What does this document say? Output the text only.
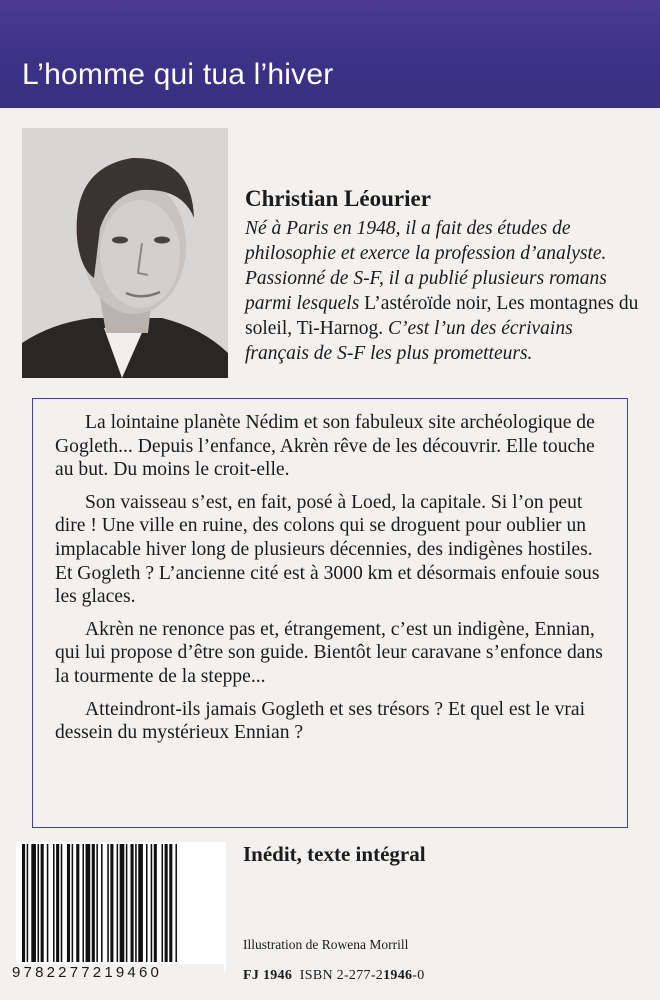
L’homme qui tua l’hiver
Christian Léourier

Né à Paris en 1948, il a fait des études de philosophie et exerce la profession d’analyste. Passionné de S-F, il a publié plusieurs romans parmi lesquels L’astéroïde noir, Les montagnes du soleil, Ti-Harnog. C’est l’un des écrivains français de S-F les plus prometteurs.

La lointaine planète Nédim et son fabuleux site archéologique de Gogleth... Depuis l’enfance, Akrèn rêve de les découvrir. Elle touche au but. Du moins le croit-elle.

Son vaisseau s’est, en fait, posé à Loed, la capitale. Si l’on peut dire ! Une ville en ruine, des colons qui se droguent pour oublier un implacable hiver long de plusieurs décennies, des indigènes hostiles. Et Gogleth ? L’ancienne cité est à 3000 km et désormais enfouie sous les glaces.

Akrèn ne renonce pas et, étrangement, c’est un indigène, Ennian, qui lui propose d’être son guide. Bientôt leur caravane s’enfonce dans la tourmente de la steppe...

Atteindront-ils jamais Gogleth et ses trésors ? Et quel est le vrai dessein du mystérieux Ennian ?

9782277219460
Inédit, texte intégral
Illustration de Rowena Morrill
FJ 1946 ISBN 2-277-21946-0
